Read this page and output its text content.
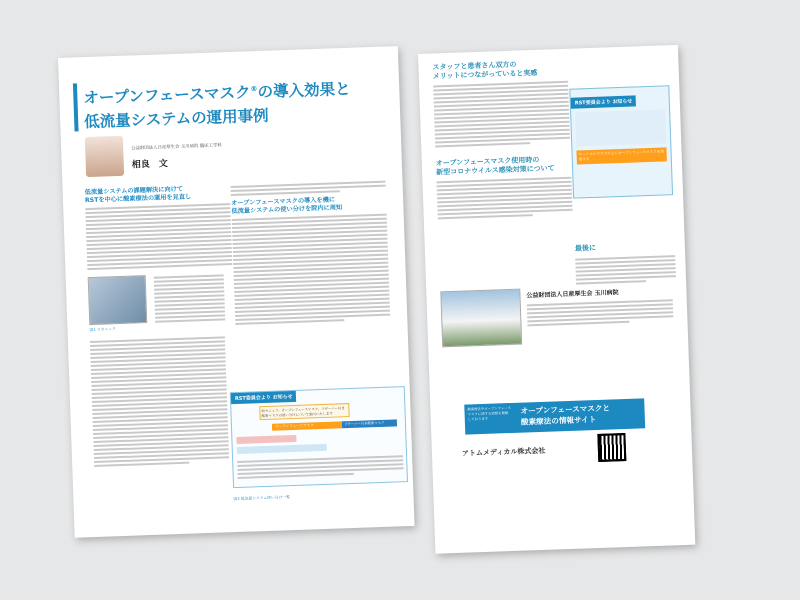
スタッフと患者さん双方の
メリットにつながっていると実感
RST委員会より お知らせ
サージカルマスクの上にオープンフェースマスクを装着する
オープンフェースマスク使用時の
新型コロナウイルス感染対策について
最後に
公益財団法人日産厚生会 玉川病院
酸素療法やオープンフェースマスクに関する情報を掲載しております
オープンフェースマスクと
酸素療法の情報サイト
アトムメディカル株式会社
オープンフェースマスク®の導入効果と
低流量システムの運用事例
公益財団法人日産厚生会 玉川病院 臨床工学科
相良　文
低流量システムの課題解決に向けて
RSTを中心に酸素療法の運用を見直し
図1 ロカニック
オープンフェースマスクの導入を機に
低流量システムの使い分けを院内に周知
RST委員会より お知らせ
新カニュラ、オープンフェースマスク、リザーバー付き酸素マスクの使い分けについて案内いたします
オープンフェースマスク	リザーバー付き酸素マスク
図2 低流量システム使い分け一覧
